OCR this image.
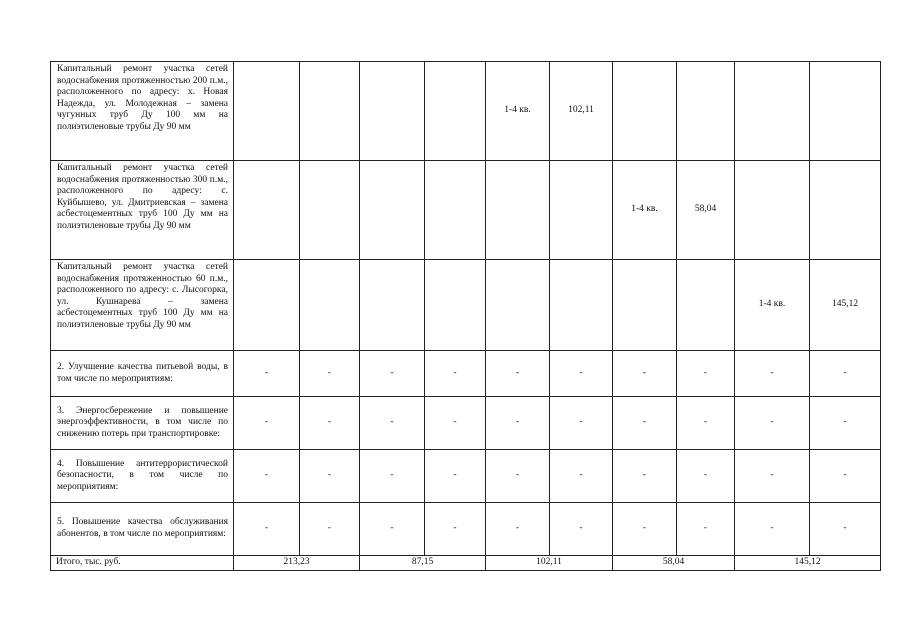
Капитальный ремонт участка сетей водоснабжения протяженностью 200 п.м., расположенного по адресу: х. Новая Надежда, ул. Молодежная – замена чугунных труб Ду 100 мм на полиэтиленовые трубы Ду 90 мм					1-4 кв.	102,11				
Капитальный ремонт участка сетей водоснабжения протяженностью 300 п.м., расположенного по адресу: с. Куйбышево, ул. Дмитриевская – замена асбестоцементных труб 100 Ду мм на полиэтиленовые трубы Ду 90 мм							1-4 кв.	58,04		
Капитальный ремонт участка сетей водоснабжения протяженностью 60 п.м., расположенного по адресу: с. Лысогорка, ул. Кушнарева – замена асбестоцементных труб 100 Ду мм на полиэтиленовые трубы Ду 90 мм									1-4 кв.	145,12
2. Улучшение качества питьевой воды, в том числе по мероприятиям:	-	-	-	-	-	-	-	-	-	-
3. Энергосбережение и повышение энергоэффективности, в том числе по снижению потерь при транспортировке:	-	-	-	-	-	-	-	-	-	-
4. Повышение антитеррористической безопасности, в том числе по мероприятиям:	-	-	-	-	-	-	-	-	-	-
5. Повышение качества обслуживания абонентов, в том числе по мероприятиям:	-	-	-	-	-	-	-	-	-	-
Итого, тыс. руб.	213,23		87,15		102,11		58,04		145,12	
